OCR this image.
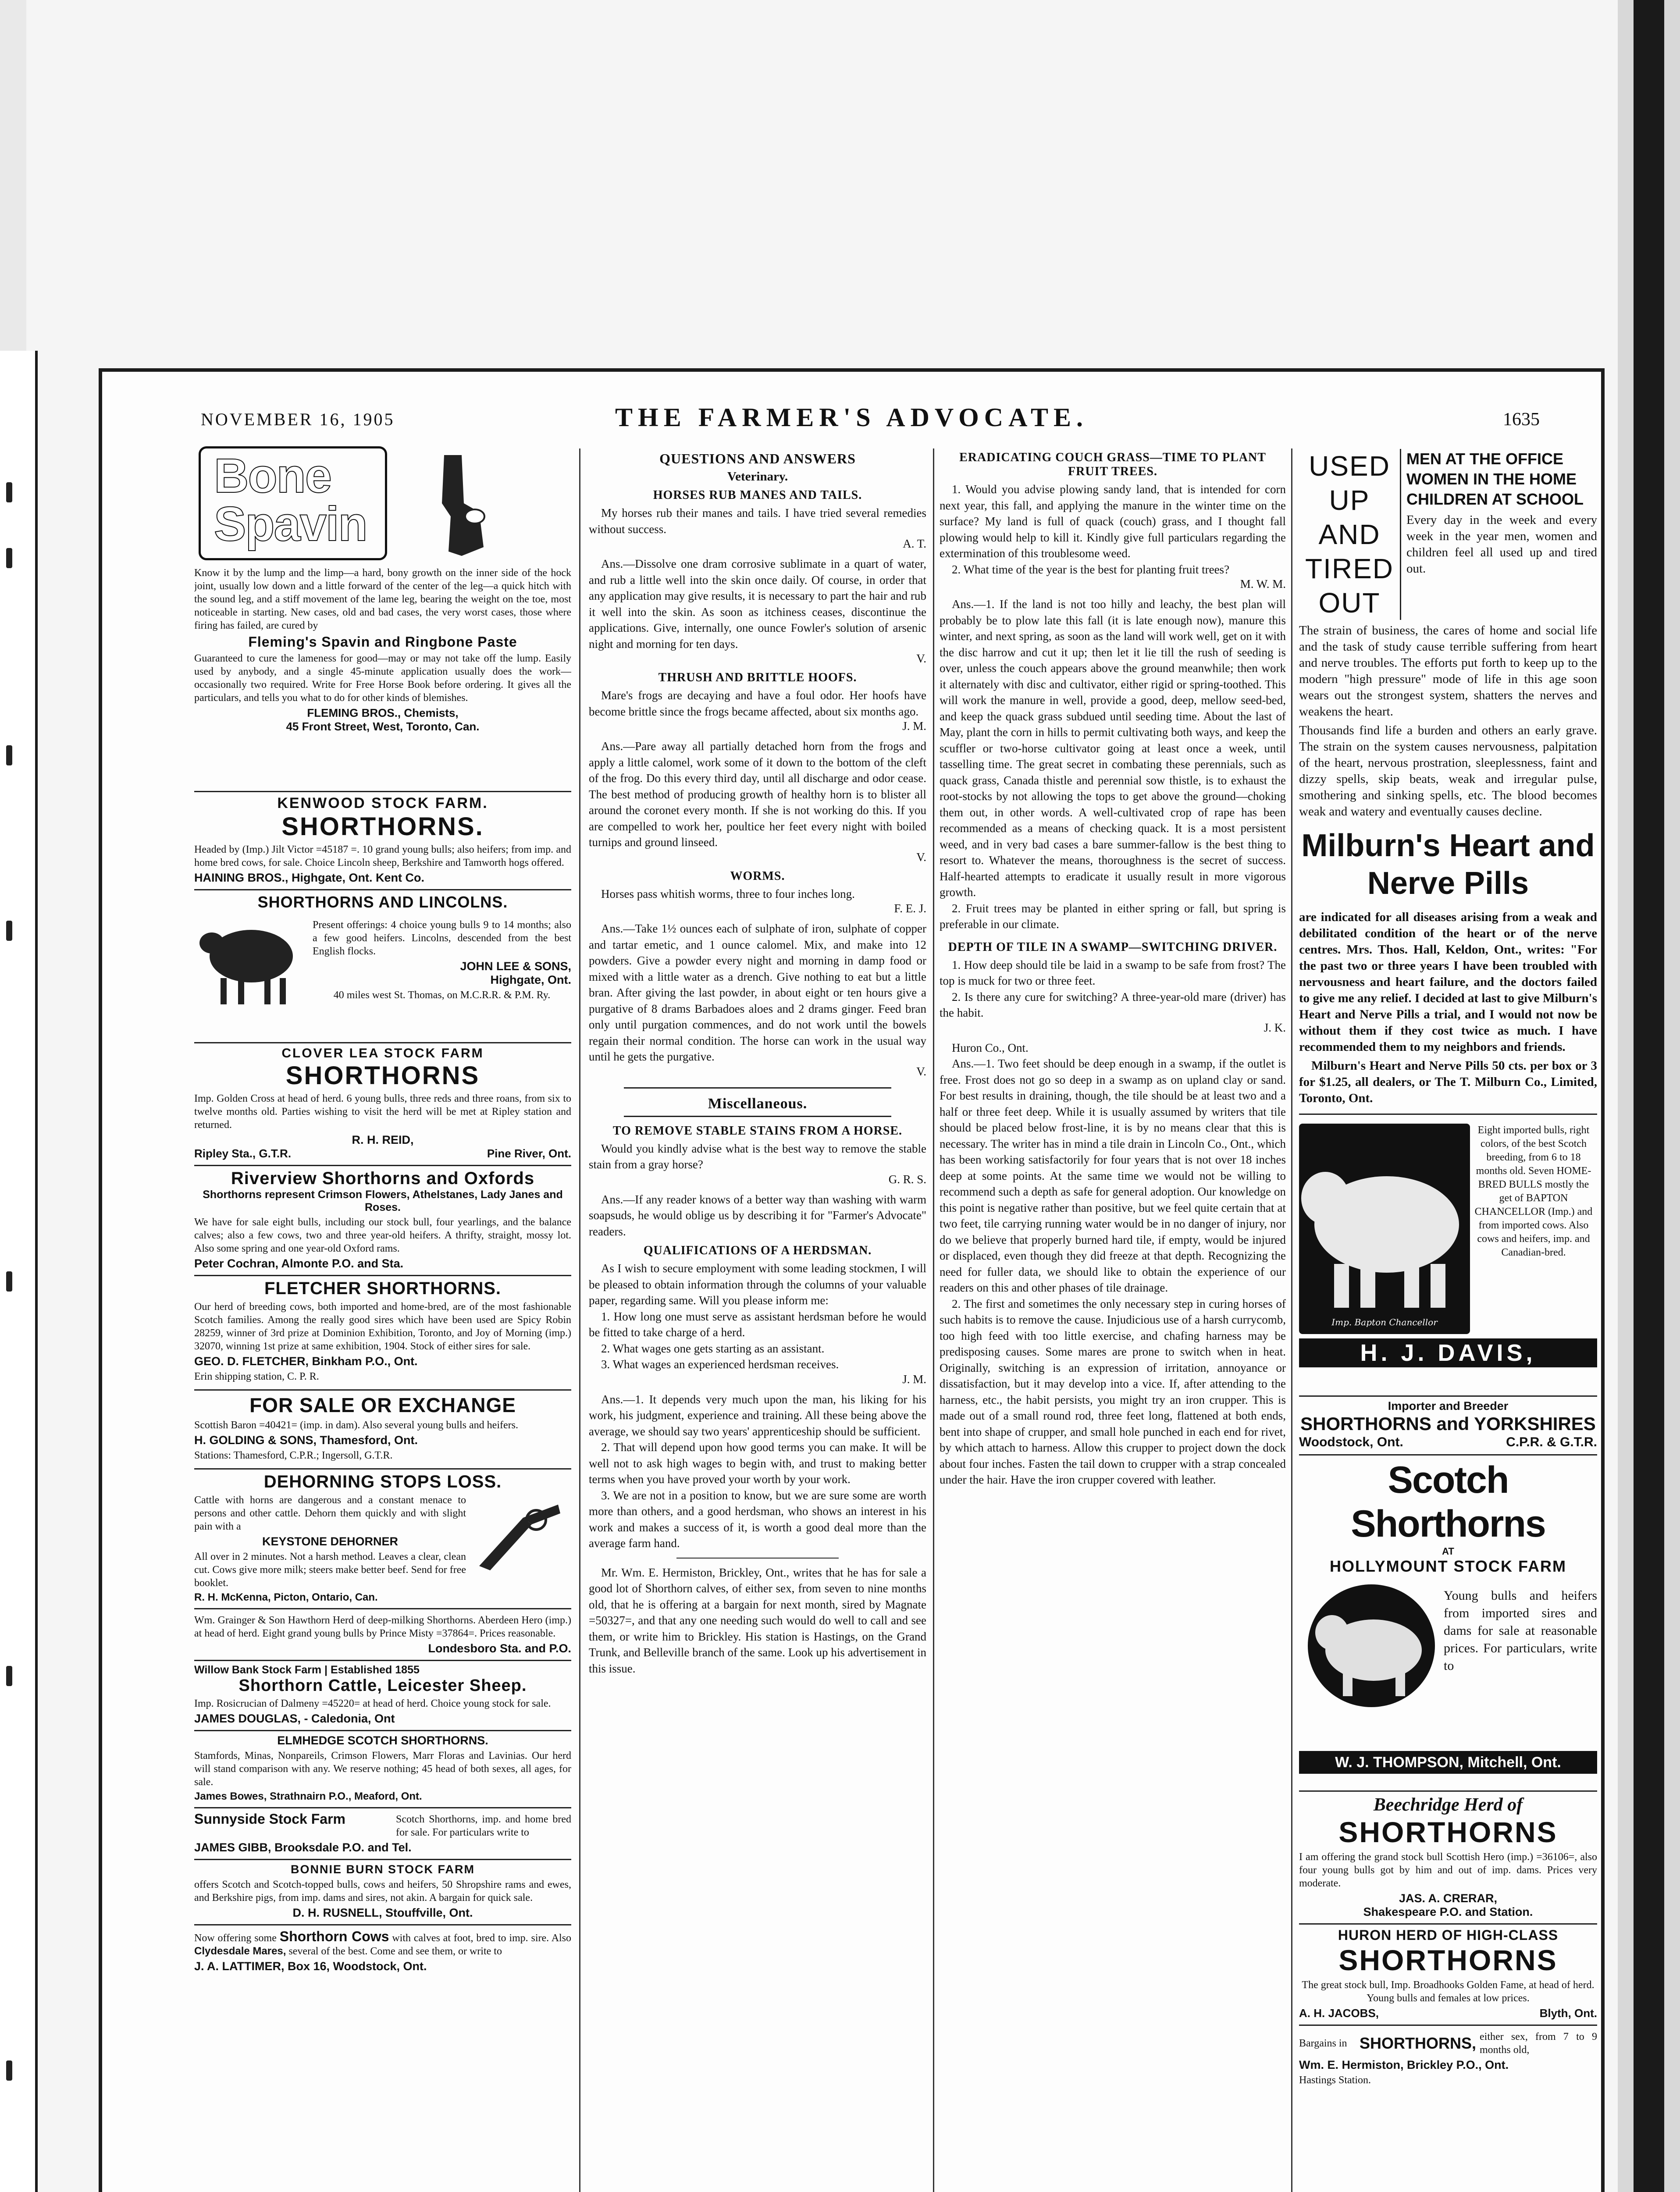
NOVEMBER 16, 1905	THE FARMER'S ADVOCATE.	1635
Bone Spavin

Know it by the lump and the limp—a hard, bony growth on the inner side of the hock joint, usually low down and a little forward of the center of the leg—a quick hitch with the sound leg, and a stiff movement of the lame leg, bearing the weight on the toe, most noticeable in starting. New cases, old and bad cases, the very worst cases, those where firing has failed, are cured by

Fleming's Spavin and Ringbone Paste

Guaranteed to cure the lameness for good—may or may not take off the lump. Easily used by anybody, and a single 45-minute application usually does the work—occasionally two required. Write for Free Horse Book before ordering. It gives all the particulars, and tells you what to do for other kinds of blemishes.

FLEMING BROS., Chemists,
45 Front Street, West, Toronto, Can.
KENWOOD STOCK FARM.
SHORTHORNS.

Headed by (Imp.) Jilt Victor =45187 =. 10 grand young bulls; also heifers; from imp. and home bred cows, for sale. Choice Lincoln sheep, Berkshire and Tamworth hogs offered.

HAINING BROS., Highgate, Ont. Kent Co.
SHORTHORNS AND LINCOLNS.

Present offerings: 4 choice young bulls 9 to 14 months; also a few good heifers. Lincolns, descended from the best English flocks.

JOHN LEE & SONS,
Highgate, Ont.
40 miles west St. Thomas, on M.C.R.R. & P.M. Ry.
CLOVER LEA STOCK FARM
SHORTHORNS

Imp. Golden Cross at head of herd. 6 young bulls, three reds and three roans, from six to twelve months old. Parties wishing to visit the herd will be met at Ripley station and returned.

R. H. REID,
Ripley Sta., G.T.R.	Pine River, Ont.
Riverview Shorthorns and Oxfords
Shorthorns represent Crimson Flowers, Athelstanes, Lady Janes and Roses.

We have for sale eight bulls, including our stock bull, four yearlings, and the balance calves; also a few cows, two and three year-old heifers. A thrifty, straight, mossy lot. Also some spring and one year-old Oxford rams.

Peter Cochran, Almonte P.O. and Sta.
FLETCHER SHORTHORNS.

Our herd of breeding cows, both imported and home-bred, are of the most fashionable Scotch families. Among the really good sires which have been used are Spicy Robin 28259, winner of 3rd prize at Dominion Exhibition, Toronto, and Joy of Morning (imp.) 32070, winning 1st prize at same exhibition, 1904. Stock of either sires for sale.

GEO. D. FLETCHER, Binkham P.O., Ont.
Erin shipping station, C. P. R.
FOR SALE OR EXCHANGE

Scottish Baron =40421= (imp. in dam). Also several young bulls and heifers.

H. GOLDING & SONS, Thamesford, Ont.
Stations: Thamesford, C.P.R.; Ingersoll, G.T.R.
DEHORNING STOPS LOSS.

Cattle with horns are dangerous and a constant menace to persons and other cattle. Dehorn them quickly and with slight pain with a

KEYSTONE DEHORNER

All over in 2 minutes. Not a harsh method. Leaves a clear, clean cut. Cows give more milk; steers make better beef. Send for free booklet.

R. H. McKenna, Picton, Ontario, Can.

Wm. Grainger & Son Hawthorn Herd of deep-milking Shorthorns. Aberdeen Hero (imp.) at head of herd. Eight grand young bulls by Prince Misty =37864=. Prices reasonable.

Londesboro Sta. and P.O.
Willow Bank Stock Farm | Established 1855
Shorthorn Cattle, Leicester Sheep.

Imp. Rosicrucian of Dalmeny =45220= at head of herd. Choice young stock for sale.

JAMES DOUGLAS, - Caledonia, Ont
ELMHEDGE SCOTCH SHORTHORNS.

Stamfords, Minas, Nonpareils, Crimson Flowers, Marr Floras and Lavinias. Our herd will stand comparison with any. We reserve nothing; 45 head of both sexes, all ages, for sale.

James Bowes, Strathnairn P.O., Meaford, Ont.
Sunnyside Stock Farm	Scotch Shorthorns, imp. and home bred for sale. For particulars write to
JAMES GIBB, Brooksdale P.O. and Tel.
BONNIE BURN STOCK FARM

offers Scotch and Scotch-topped bulls, cows and heifers, 50 Shropshire rams and ewes, and Berkshire pigs, from imp. dams and sires, not akin. A bargain for quick sale.

D. H. RUSNELL, Stouffville, Ont.
Now offering some Shorthorn Cows with calves at foot, bred to imp. sire. Also Clydesdale Mares, several of the best. Come and see them, or write to
J. A. LATTIMER, Box 16, Woodstock, Ont.
QUESTIONS AND ANSWERS
Veterinary.
HORSES RUB MANES AND TAILS.

My horses rub their manes and tails. I have tried several remedies without success.

A. T.

Ans.—Dissolve one dram corrosive sublimate in a quart of water, and rub a little well into the skin once daily. Of course, in order that any application may give results, it is necessary to part the hair and rub it well into the skin. As soon as itchiness ceases, discontinue the applications. Give, internally, one ounce Fowler's solution of arsenic night and morning for ten days.

V.
THRUSH AND BRITTLE HOOFS.

Mare's frogs are decaying and have a foul odor. Her hoofs have become brittle since the frogs became affected, about six months ago.

J. M.

Ans.—Pare away all partially detached horn from the frogs and apply a little calomel, work some of it down to the bottom of the cleft of the frog. Do this every third day, until all discharge and odor cease. The best method of producing growth of healthy horn is to blister all around the coronet every month. If she is not working do this. If you are compelled to work her, poultice her feet every night with boiled turnips and ground linseed.

V.
WORMS.

Horses pass whitish worms, three to four inches long.

F. E. J.

Ans.—Take 1½ ounces each of sulphate of iron, sulphate of copper and tartar emetic, and 1 ounce calomel. Mix, and make into 12 powders. Give a powder every night and morning in damp food or mixed with a little water as a drench. Give nothing to eat but a little bran. After giving the last powder, in about eight or ten hours give a purgative of 8 drams Barbadoes aloes and 2 drams ginger. Feed bran only until purgation commences, and do not work until the bowels regain their normal condition. The horse can work in the usual way until he gets the purgative.

V.
Miscellaneous.
TO REMOVE STABLE STAINS FROM A HORSE.

Would you kindly advise what is the best way to remove the stable stain from a gray horse?

G. R. S.

Ans.—If any reader knows of a better way than washing with warm soapsuds, he would oblige us by describing it for "Farmer's Advocate" readers.

QUALIFICATIONS OF A HERDSMAN.

As I wish to secure employment with some leading stockmen, I will be pleased to obtain information through the columns of your valuable paper, regarding same. Will you please inform me:

1. How long one must serve as assistant herdsman before he would be fitted to take charge of a herd.

2. What wages one gets starting as an assistant.

3. What wages an experienced herdsman receives.

J. M.

Ans.—1. It depends very much upon the man, his liking for his work, his judgment, experience and training. All these being above the average, we should say two years' apprenticeship should be sufficient.

2. That will depend upon how good terms you can make. It will be well not to ask high wages to begin with, and trust to making better terms when you have proved your worth by your work.

3. We are not in a position to know, but we are sure some are worth more than others, and a good herdsman, who shows an interest in his work and makes a success of it, is worth a good deal more than the average farm hand.

Mr. Wm. E. Hermiston, Brickley, Ont., writes that he has for sale a good lot of Shorthorn calves, of either sex, from seven to nine months old, that he is offering at a bargain for next month, sired by Magnate =50327=, and that any one needing such would do well to call and see them, or write him to Brickley. His station is Hastings, on the Grand Trunk, and Belleville branch of the same. Look up his advertisement in this issue.

ERADICATING COUCH GRASS—TIME TO PLANT FRUIT TREES.

1. Would you advise plowing sandy land, that is intended for corn next year, this fall, and applying the manure in the winter time on the surface? My land is full of quack (couch) grass, and I thought fall plowing would help to kill it. Kindly give full particulars regarding the extermination of this troublesome weed.

2. What time of the year is the best for planting fruit trees?

M. W. M.

Ans.—1. If the land is not too hilly and leachy, the best plan will probably be to plow late this fall (it is late enough now), manure this winter, and next spring, as soon as the land will work well, get on it with the disc harrow and cut it up; then let it lie till the rush of seeding is over, unless the couch appears above the ground meanwhile; then work it alternately with disc and cultivator, either rigid or spring-toothed. This will work the manure in well, provide a good, deep, mellow seed-bed, and keep the quack grass subdued until seeding time. About the last of May, plant the corn in hills to permit cultivating both ways, and keep the scuffler or two-horse cultivator going at least once a week, until tasselling time. The great secret in combating these perennials, such as quack grass, Canada thistle and perennial sow thistle, is to exhaust the root-stocks by not allowing the tops to get above the ground—choking them out, in other words. A well-cultivated crop of rape has been recommended as a means of checking quack. It is a most persistent weed, and in very bad cases a bare summer-fallow is the best thing to resort to. Whatever the means, thoroughness is the secret of success. Half-hearted attempts to eradicate it usually result in more vigorous growth.

2. Fruit trees may be planted in either spring or fall, but spring is preferable in our climate.

DEPTH OF TILE IN A SWAMP—SWITCHING DRIVER.

1. How deep should tile be laid in a swamp to be safe from frost? The top is muck for two or three feet.

2. Is there any cure for switching? A three-year-old mare (driver) has the habit.

J. K.

Huron Co., Ont.

Ans.—1. Two feet should be deep enough in a swamp, if the outlet is free. Frost does not go so deep in a swamp as on upland clay or sand. For best results in draining, though, the tile should be at least two and a half or three feet deep. While it is usually assumed by writers that tile should be placed below frost-line, it is by no means clear that this is necessary. The writer has in mind a tile drain in Lincoln Co., Ont., which has been working satisfactorily for four years that is not over 18 inches deep at some points. At the same time we would not be willing to recommend such a depth as safe for general adoption. Our knowledge on this point is negative rather than positive, but we feel quite certain that at two feet, tile carrying running water would be in no danger of injury, nor do we believe that properly burned hard tile, if empty, would be injured or displaced, even though they did freeze at that depth. Recognizing the need for fuller data, we should like to obtain the experience of our readers on this and other phases of tile drainage.

2. The first and sometimes the only necessary step in curing horses of such habits is to remove the cause. Injudicious use of a harsh currycomb, too high feed with too little exercise, and chafing harness may be predisposing causes. Some mares are prone to switch when in heat. Originally, switching is an expression of irritation, annoyance or dissatisfaction, but it may develop into a vice. If, after attending to the harness, etc., the habit persists, you might try an iron crupper. This is made out of a small round rod, three feet long, flattened at both ends, bent into shape of crupper, and small hole punched in each end for rivet, by which attach to harness. Allow this crupper to project down the dock about four inches. Fasten the tail down to crupper with a strap concealed under the hair. Have the iron crupper covered with leather.

USED
UP
AND
TIRED
OUT
MEN AT THE OFFICE WOMEN IN THE HOME CHILDREN AT SCHOOL

Every day in the week and every week in the year men, women and children feel all used up and tired out.

The strain of business, the cares of home and social life and the task of study cause terrible suffering from heart and nerve troubles. The efforts put forth to keep up to the modern "high pressure" mode of life in this age soon wears out the strongest system, shatters the nerves and weakens the heart.

Thousands find life a burden and others an early grave. The strain on the system causes nervousness, palpitation of the heart, nervous prostration, sleeplessness, faint and dizzy spells, skip beats, weak and irregular pulse, smothering and sinking spells, etc. The blood becomes weak and watery and eventually causes decline.

Milburn's Heart and Nerve Pills

are indicated for all diseases arising from a weak and debilitated condition of the heart or of the nerve centres. Mrs. Thos. Hall, Keldon, Ont., writes: "For the past two or three years I have been troubled with nervousness and heart failure, and the doctors failed to give me any relief. I decided at last to give Milburn's Heart and Nerve Pills a trial, and I would not now be without them if they cost twice as much. I have recommended them to my neighbors and friends.

Milburn's Heart and Nerve Pills 50 cts. per box or 3 for $1.25, all dealers, or The T. Milburn Co., Limited, Toronto, Ont.

Imp. Bapton Chancellor
Eight imported bulls, right colors, of the best Scotch breeding, from 6 to 18 months old. Seven HOME-BRED BULLS mostly the get of BAPTON CHANCELLOR (Imp.) and from imported cows. Also cows and heifers, imp. and Canadian-bred.
H. J. DAVIS,
Importer and Breeder
SHORTHORNS and YORKSHIRES
Woodstock, Ont.	C.P.R. & G.T.R.
Scotch Shorthorns
AT
HOLLYMOUNT STOCK FARM

Young bulls and heifers from imported sires and dams for sale at reasonable prices. For particulars, write to

W. J. THOMPSON, Mitchell, Ont.
Beechridge Herd of
SHORTHORNS

I am offering the grand stock bull Scottish Hero (imp.) =36106=, also four young bulls got by him and out of imp. dams. Prices very moderate.

JAS. A. CRERAR,
Shakespeare P.O. and Station.
HURON HERD OF HIGH-CLASS
SHORTHORNS

The great stock bull, Imp. Broadhooks Golden Fame, at head of herd. Young bulls and females at low prices.

A. H. JACOBS,	Blyth, Ont.
Bargains in SHORTHORNS, either sex, from 7 to 9 months old,
Wm. E. Hermiston, Brickley P.O., Ont.
Hastings Station.
